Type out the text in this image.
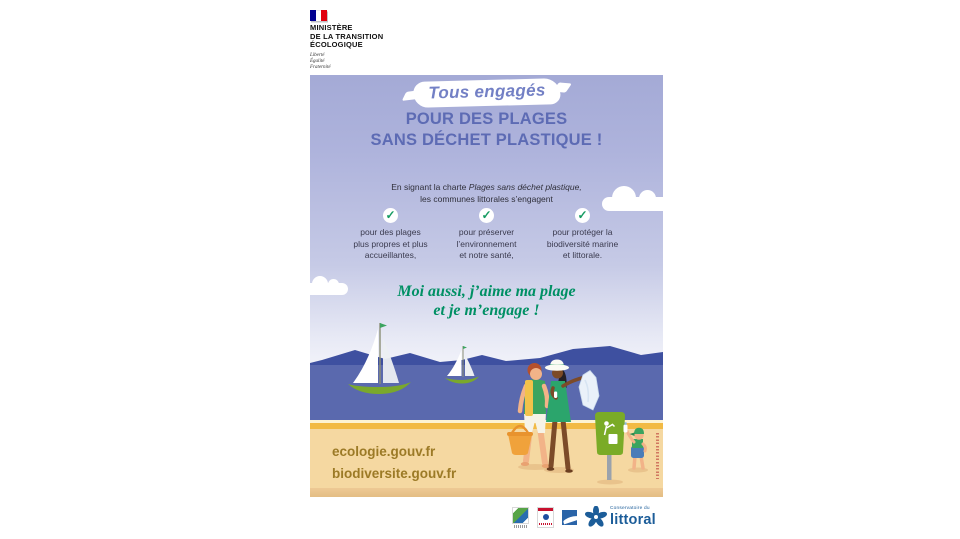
MINISTÈRE
DE LA TRANSITION
ÉCOLOGIQUE
Liberté
Égalité
Fraternité
Tous engagés
POUR DES PLAGES
SANS DÉCHET PLASTIQUE !
En signant la charte Plages sans déchet plastique,
les communes littorales s’engagent
✓
pour des plages
plus propres et plus
accueillantes,
✓
pour préserver
l’environnement
et notre santé,
✓
pour protéger la
biodiversité marine
et littorale.
Moi aussi, j’aime ma plage
et je m’engage !
ecologie.gouv.fr
biodiversite.gouv.fr
Conservatoire du
littoral
